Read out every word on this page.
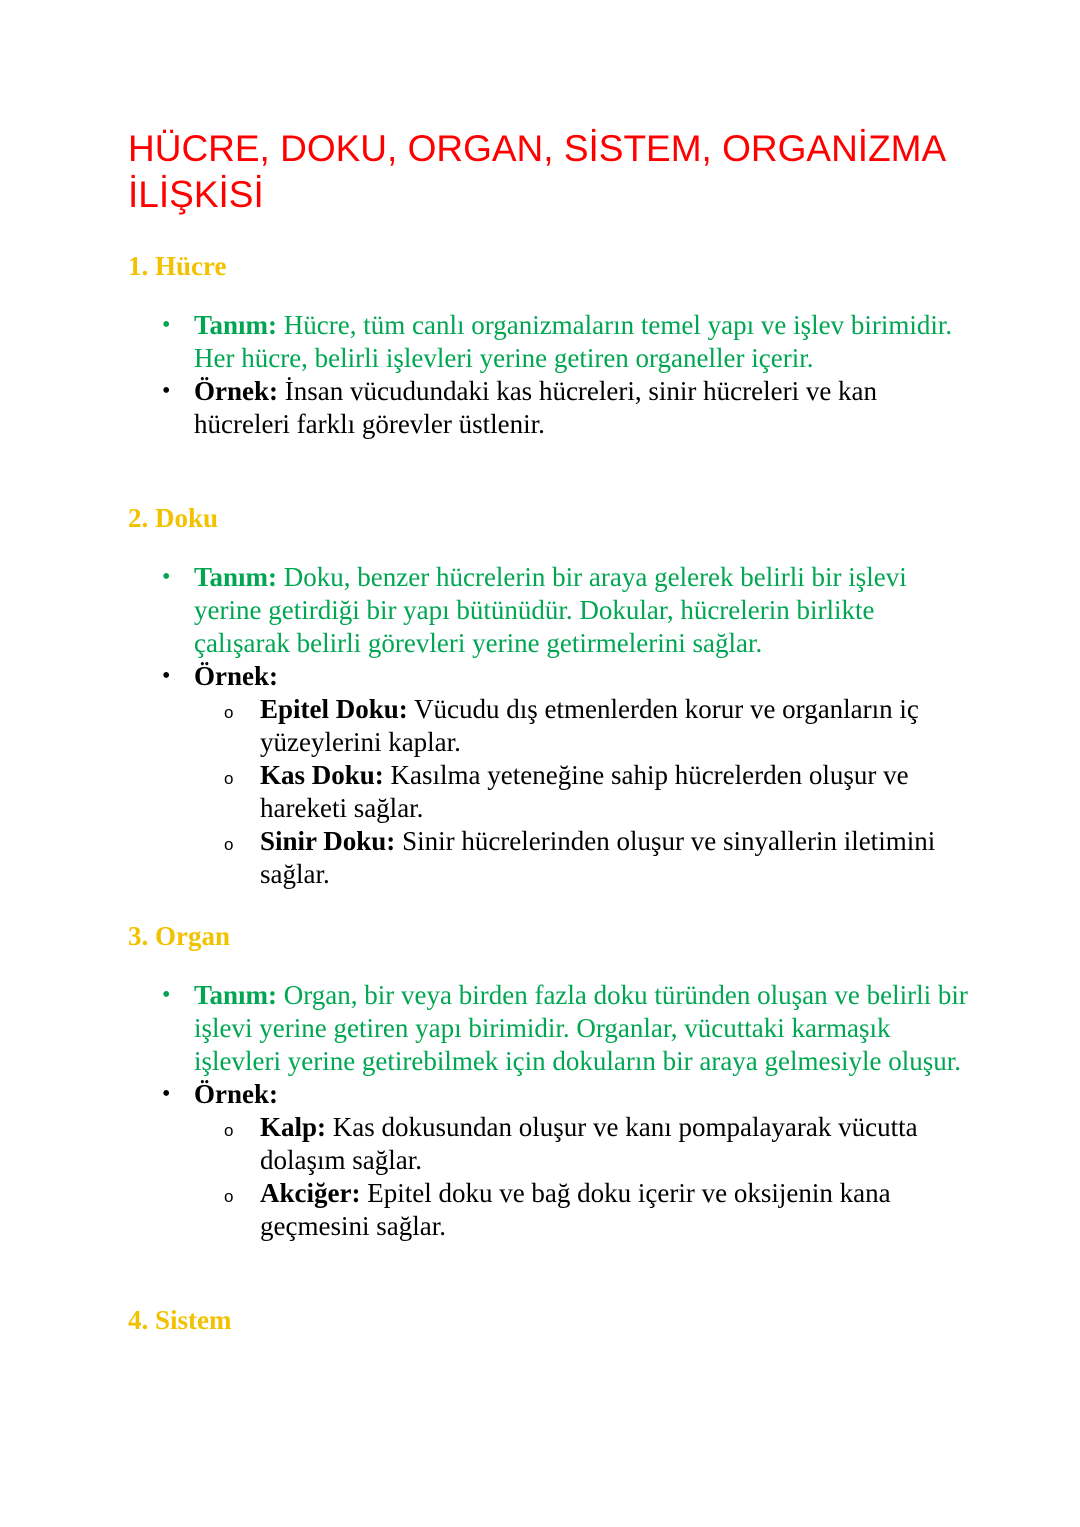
HÜCRE, DOKU, ORGAN, SİSTEM, ORGANİZMA İLİŞKİSİ
1. Hücre
• Tanım: Hücre, tüm canlı organizmaların temel yapı ve işlev birimidir. Her hücre, belirli işlevleri yerine getiren organeller içerir.
• Örnek: İnsan vücudundaki kas hücreleri, sinir hücreleri ve kan hücreleri farklı görevler üstlenir.
2. Doku
• Tanım: Doku, benzer hücrelerin bir araya gelerek belirli bir işlevi yerine getirdiği bir yapı bütünüdür. Dokular, hücrelerin birlikte çalışarak belirli görevleri yerine getirmelerini sağlar.
• Örnek:
o Epitel Doku: Vücudu dış etmenlerden korur ve organların iç yüzeylerini kaplar.
o Kas Doku: Kasılma yeteneğine sahip hücrelerden oluşur ve hareketi sağlar.
o Sinir Doku: Sinir hücrelerinden oluşur ve sinyallerin iletimini sağlar.
3. Organ
• Tanım: Organ, bir veya birden fazla doku türünden oluşan ve belirli bir işlevi yerine getiren yapı birimidir. Organlar, vücuttaki karmaşık işlevleri yerine getirebilmek için dokuların bir araya gelmesiyle oluşur.
• Örnek:
o Kalp: Kas dokusundan oluşur ve kanı pompalayarak vücutta dolaşım sağlar.
o Akciğer: Epitel doku ve bağ doku içerir ve oksijenin kana geçmesini sağlar.
4. Sistem
